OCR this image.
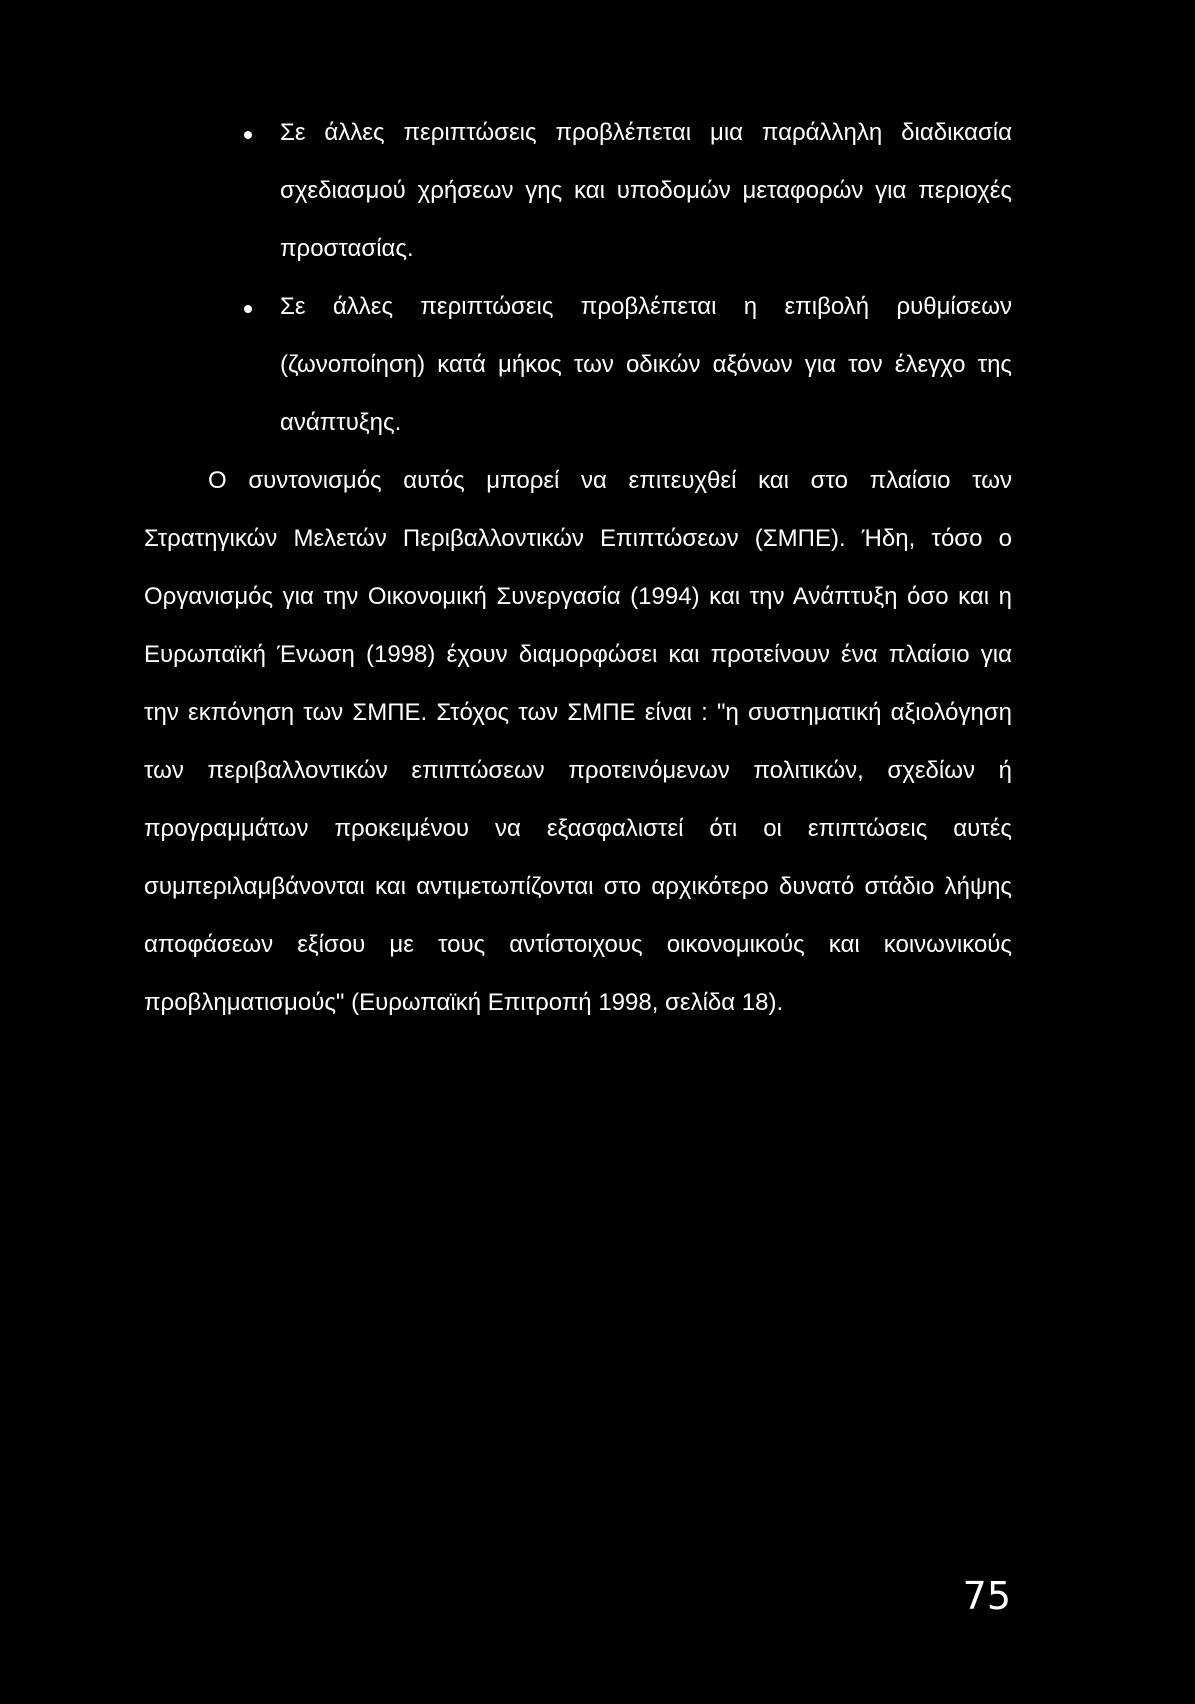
Σε άλλες περιπτώσεις προβλέπεται μια παράλληλη διαδικασία σχεδιασμού χρήσεων γης και υποδομών μεταφορών για περιοχές προστασίας.
Σε άλλες περιπτώσεις προβλέπεται η επιβολή ρυθμίσεων (ζωνοποίηση) κατά μήκος των οδικών αξόνων για τον έλεγχο της ανάπτυξης.

Ο συντονισμός αυτός μπορεί να επιτευχθεί και στο πλαίσιο των Στρατηγικών Μελετών Περιβαλλοντικών Επιπτώσεων (ΣΜΠΕ). Ήδη, τόσο ο Οργανισμός για την Οικονομική Συνεργασία (1994) και την Ανάπτυξη όσο και η Ευρωπαϊκή Ένωση (1998) έχουν διαμορφώσει και προτείνουν ένα πλαίσιο για την εκπόνηση των ΣΜΠΕ. Στόχος των ΣΜΠΕ είναι : "η συστηματική αξιολόγηση των περιβαλλοντικών επιπτώσεων προτεινόμενων πολιτικών, σχεδίων ή προγραμμάτων προκειμένου να εξασφαλιστεί ότι οι επιπτώσεις αυτές συμπεριλαμβάνονται και αντιμετωπίζονται στο αρχικότερο δυνατό στάδιο λήψης αποφάσεων εξίσου με τους αντίστοιχους οικονομικούς και κοινωνικούς προβληματισμούς" (Ευρωπαϊκή Επιτροπή 1998, σελίδα 18).

75
